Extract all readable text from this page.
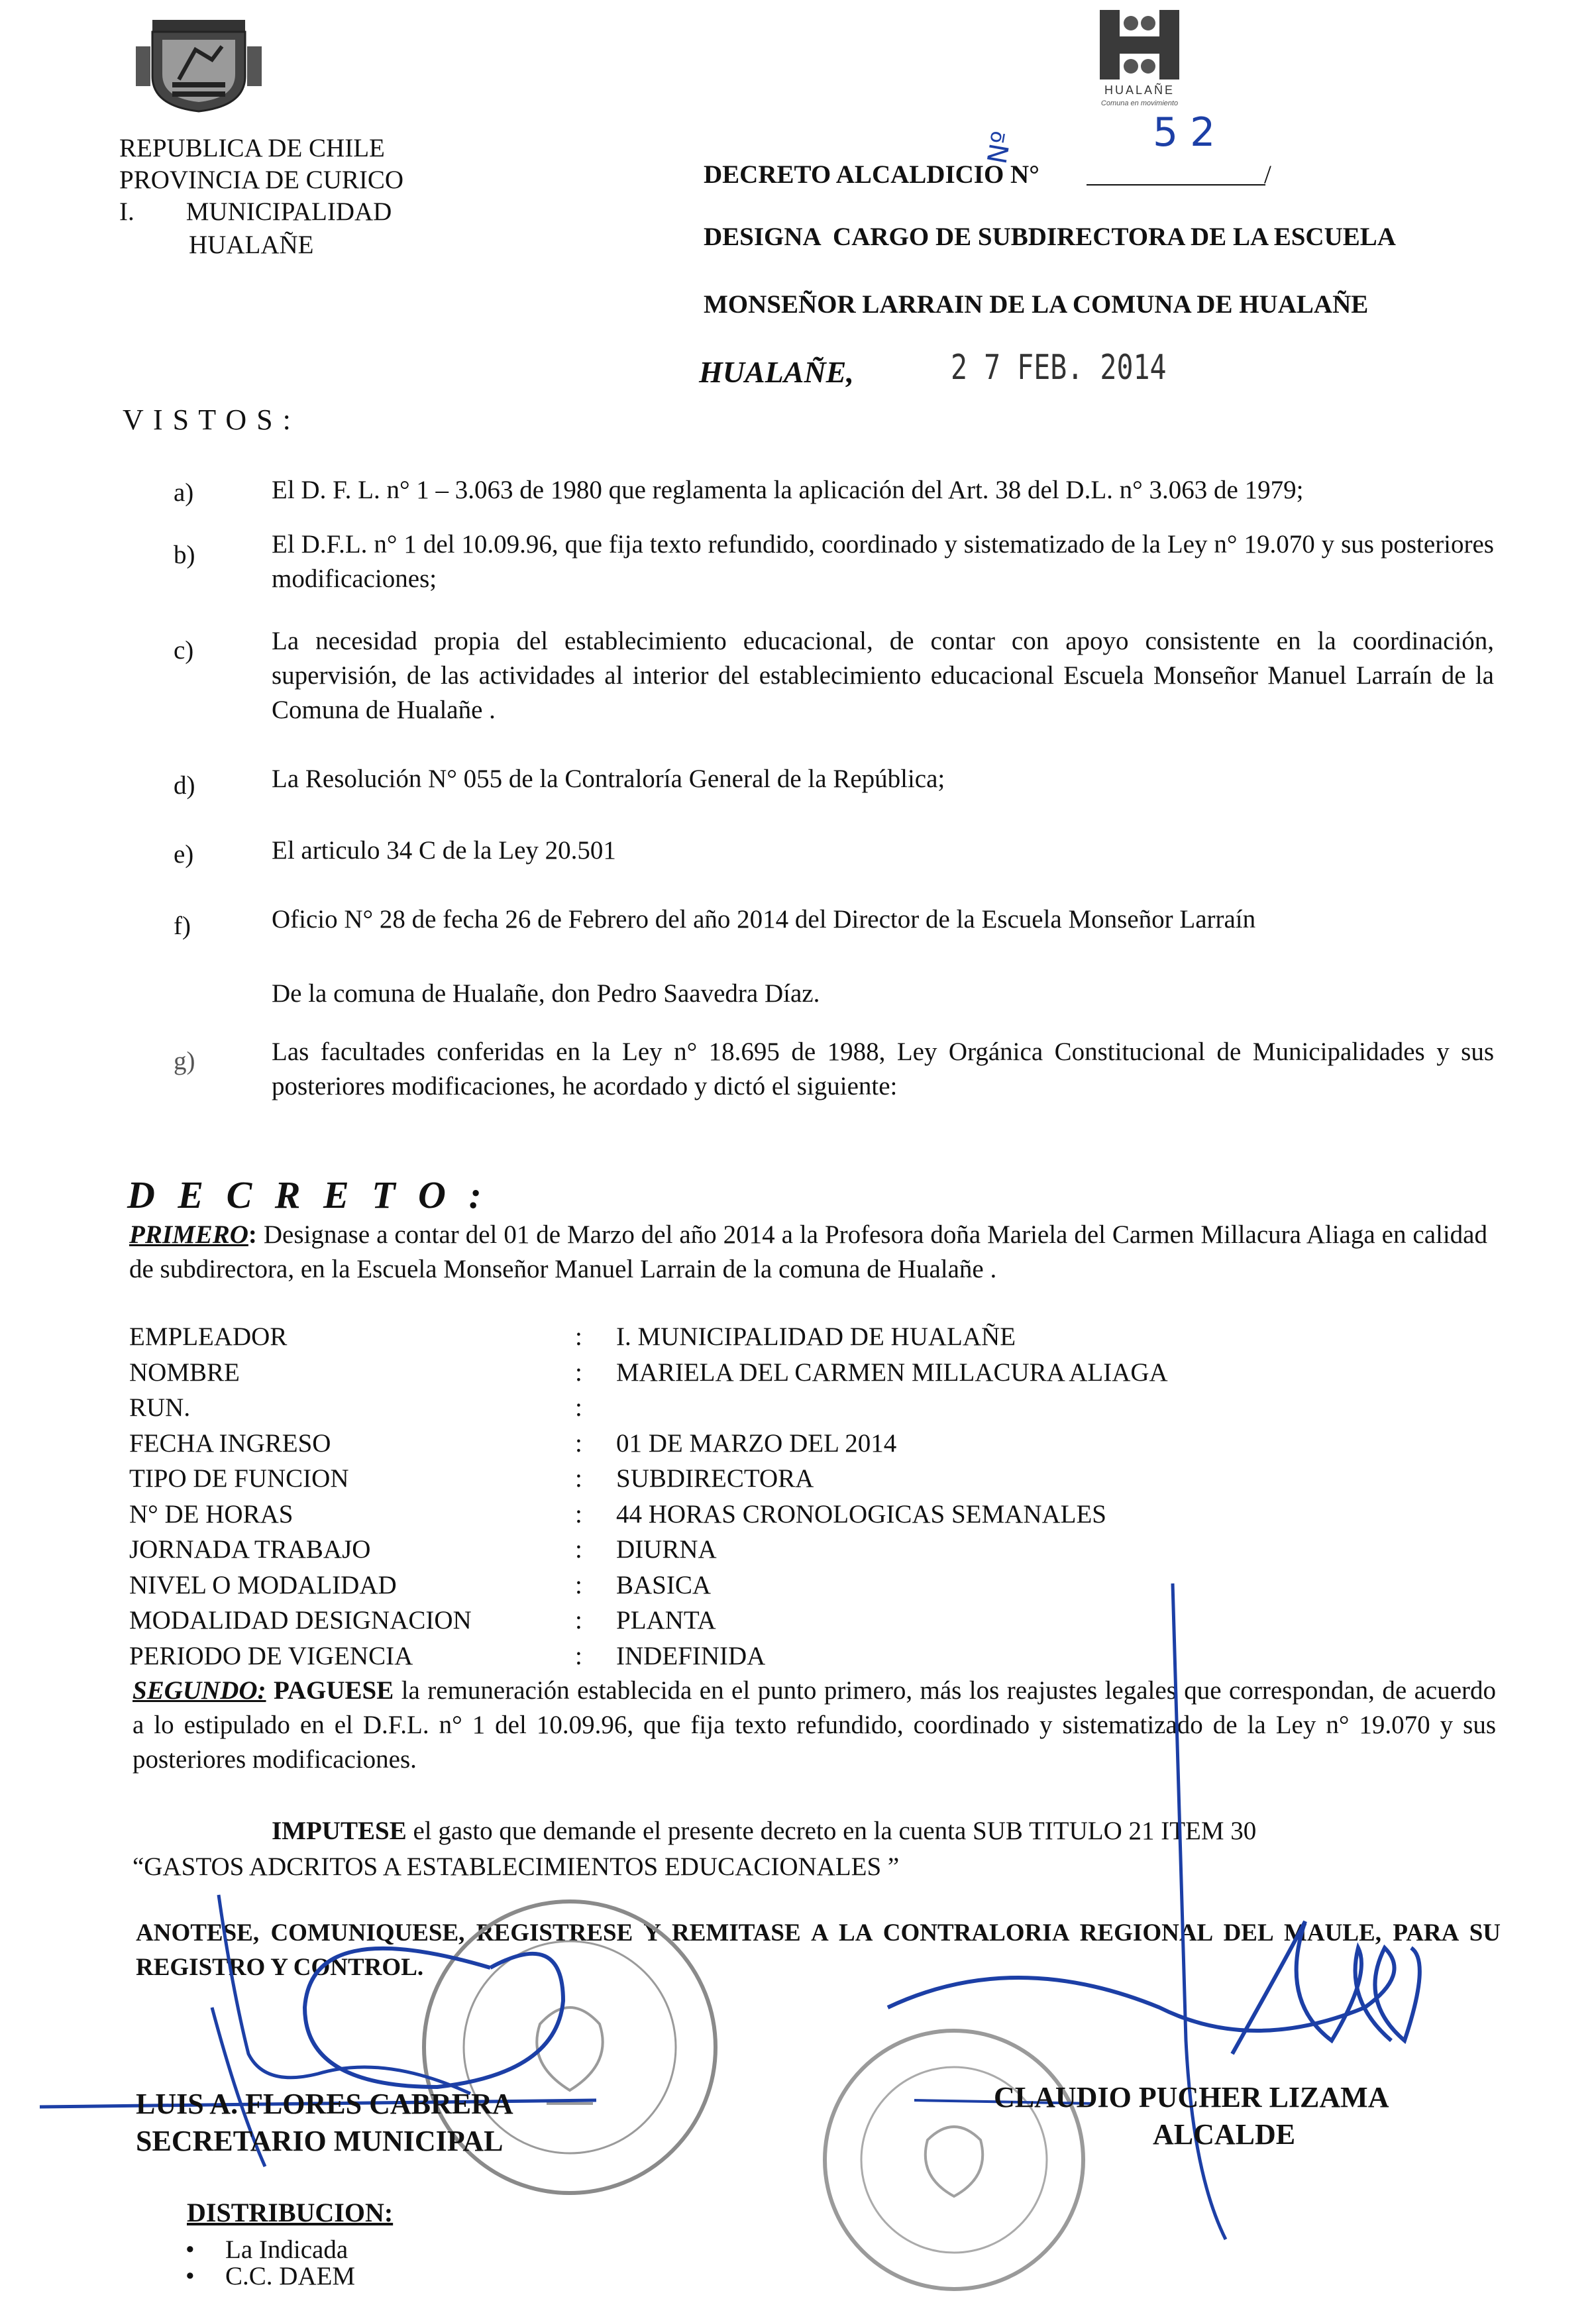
REPUBLICA DE CHILE
PROVINCIA DE CURICO
I.        MUNICIPALIDAD
HUALAÑE
HUALAÑE
Comuna en movimiento
DECRETO ALCALDICIO N°	/
Nº	52
DESIGNA  CARGO DE SUBDIRECTORA DE LA ESCUELA
MONSEÑOR LARRAIN DE LA COMUNA DE HUALAÑE
HUALAÑE,	2 7 FEB. 2014
V I S T O S :
a)	El D. F. L. n° 1 – 3.063 de 1980 que reglamenta la aplicación del Art. 38 del D.L. n° 3.063 de 1979;
b)	El D.F.L. n° 1 del 10.09.96, que fija texto refundido, coordinado y sistematizado de la Ley n° 19.070 y sus posteriores modificaciones;
c)	La necesidad propia del establecimiento educacional, de contar con apoyo consistente en la coordinación, supervisión, de las actividades al interior del establecimiento educacional Escuela Monseñor Manuel Larraín de la Comuna de Hualañe .
d)	La Resolución N° 055 de la Contraloría General de la República;
e)	El articulo 34 C de la Ley 20.501
f)	Oficio N° 28 de fecha 26 de Febrero del año 2014 del Director de la Escuela Monseñor Larraín
De la comuna de Hualañe, don Pedro Saavedra Díaz.
g)	Las facultades conferidas en la Ley n° 18.695 de 1988, Ley Orgánica Constitucional de Municipalidades y sus posteriores modificaciones, he acordado y dictó el siguiente:
D E C R E T O :
PRIMERO: Designase a contar del 01 de Marzo del año 2014 a la Profesora doña Mariela del Carmen Millacura Aliaga en calidad de subdirectora, en la Escuela Monseñor Manuel Larrain de la comuna de Hualañe .
EMPLEADOR	: I. MUNICIPALIDAD DE HUALAÑE
NOMBRE	: MARIELA DEL CARMEN MILLACURA ALIAGA
RUN.	:
FECHA INGRESO	: 01 DE MARZO DEL 2014
TIPO DE FUNCION	: SUBDIRECTORA
N° DE HORAS	: 44 HORAS CRONOLOGICAS SEMANALES
JORNADA TRABAJO	: DIURNA
NIVEL O MODALIDAD	: BASICA
MODALIDAD DESIGNACION	: PLANTA
PERIODO DE VIGENCIA	: INDEFINIDA
SEGUNDO: PAGUESE la remuneración establecida en el punto primero, más los reajustes legales que correspondan, de acuerdo a lo estipulado en el D.F.L. n° 1 del 10.09.96, que fija texto refundido, coordinado y sistematizado de la Ley n° 19.070 y sus posteriores modificaciones.
IMPUTESE el gasto que demande el presente decreto en la cuenta SUB TITULO 21 ITEM 30
“GASTOS ADCRITOS A ESTABLECIMIENTOS EDUCACIONALES ”
ANOTESE, COMUNIQUESE, REGISTRESE Y REMITASE A LA CONTRALORIA REGIONAL DEL MAULE, PARA SU REGISTRO Y CONTROL.
LUIS A. FLORES CABRERA
SECRETARIO MUNICIPAL
CLAUDIO PUCHER LIZAMA
ALCALDE
DISTRIBUCION:
• La Indicada
• C.C. DAEM
